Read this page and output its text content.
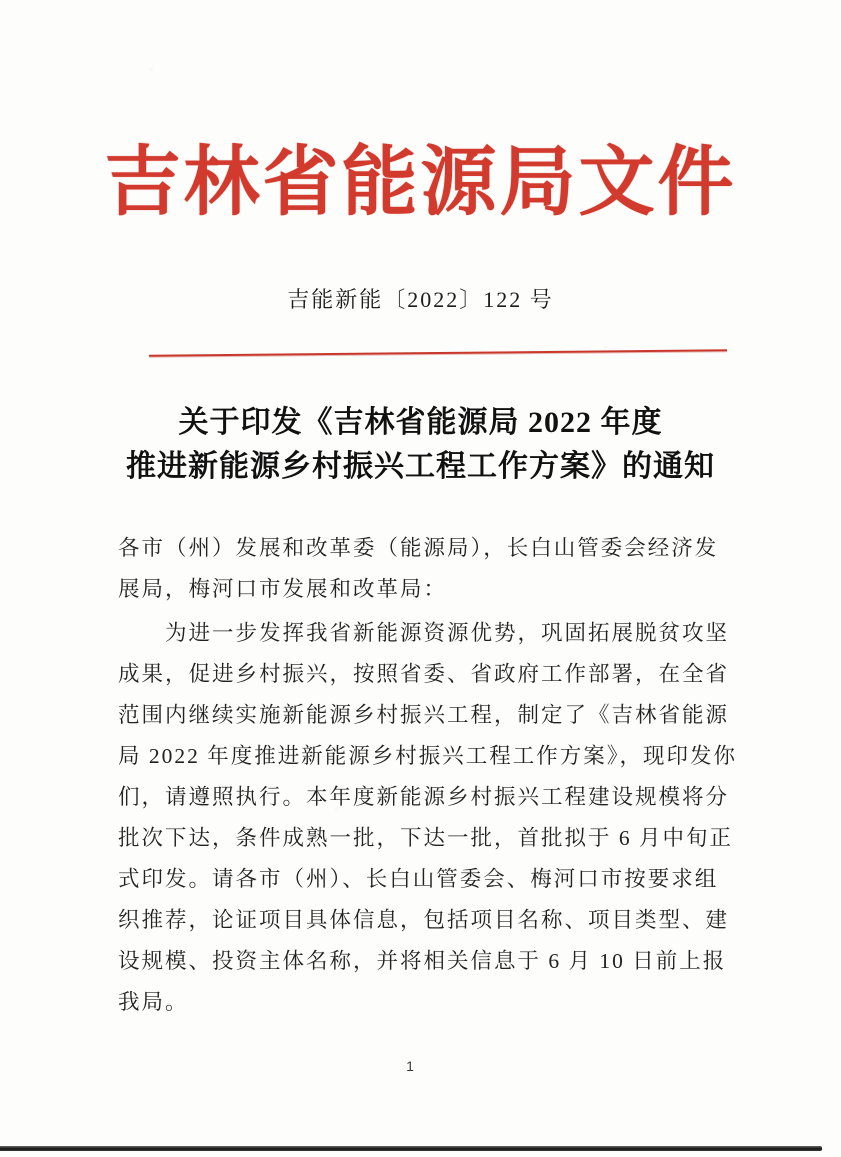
吉林省能源局文件
吉能新能〔2022〕122 号
关于印发《吉林省能源局 2022 年度
推进新能源乡村振兴工程工作方案》的通知
各市（州）发展和改革委（能源局），长白山管委会经济发
展局，梅河口市发展和改革局：
为进一步发挥我省新能源资源优势，巩固拓展脱贫攻坚
成果，促进乡村振兴，按照省委、省政府工作部署，在全省
范围内继续实施新能源乡村振兴工程，制定了《吉林省能源
局 2022 年度推进新能源乡村振兴工程工作方案》，现印发你
们，请遵照执行。本年度新能源乡村振兴工程建设规模将分
批次下达，条件成熟一批，下达一批，首批拟于 6 月中旬正
式印发。请各市（州）、长白山管委会、梅河口市按要求组
织推荐，论证项目具体信息，包括项目名称、项目类型、建
设规模、投资主体名称，并将相关信息于 6 月 10 日前上报
我局。
1
